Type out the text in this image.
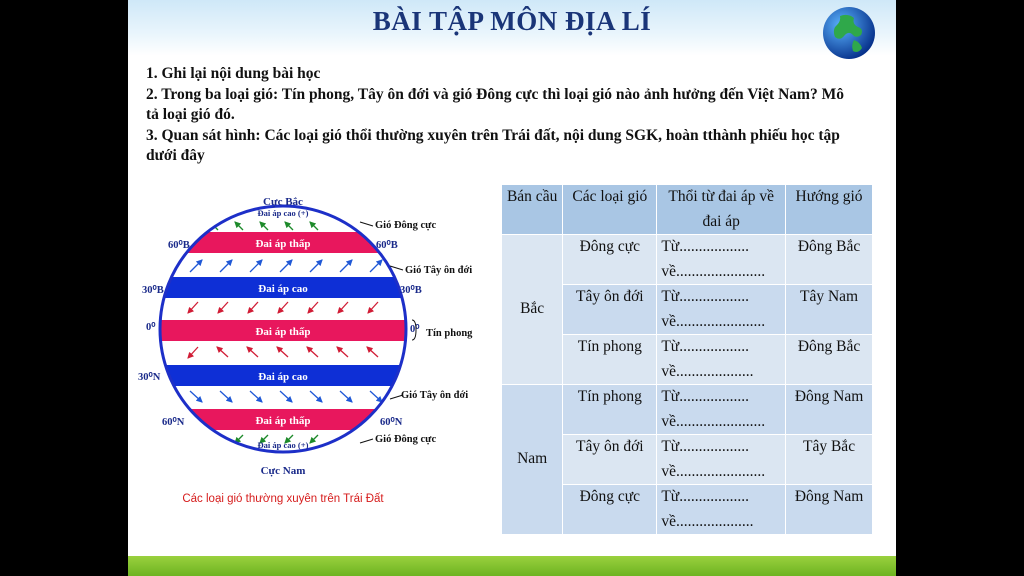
BÀI TẬP MÔN ĐỊA LÍ
1. Ghi lại nội dung bài học
2. Trong ba loại gió: Tín phong, Tây ôn đới và gió Đông cực thì loại gió nào ảnh hưởng đến Việt Nam? Mô tả loại gió đó.
3. Quan sát hình: Các loại gió thổi thường xuyên trên Trái đất, nội dung SGK, hoàn tthành phiếu học tập dưới đây
Cực Bắc
Đai áp cao (+)
Đai áp thấp
Đai áp cao
Đai áp thấp
Đai áp cao
Đai áp thấp
Đai áp cao (+)
Cực Nam
60⁰B	60⁰B
30⁰B	30⁰B
0⁰	0⁰
30⁰N
60⁰N	60⁰N
Gió Đông cực
Gió Tây ôn đới
Tín phong
Gió Tây ôn đới
Gió Đông cực
Các loại gió thường xuyên trên Trái Đất
Bán cầu	Các loại gió	Thổi từ đai áp về đai áp	Hướng gió
Bắc	Đông cực	Từ..................
về.......................	Đông Bắc
	Tây ôn đới	Từ..................
về.......................	Tây Nam
	Tín phong	Từ..................
về....................	Đông Bắc
Nam	Tín phong	Từ..................
về.......................	Đông Nam
	Tây ôn đới	Từ..................
về.......................	Tây Bắc
	Đông cực	Từ..................
về....................	Đông Nam
